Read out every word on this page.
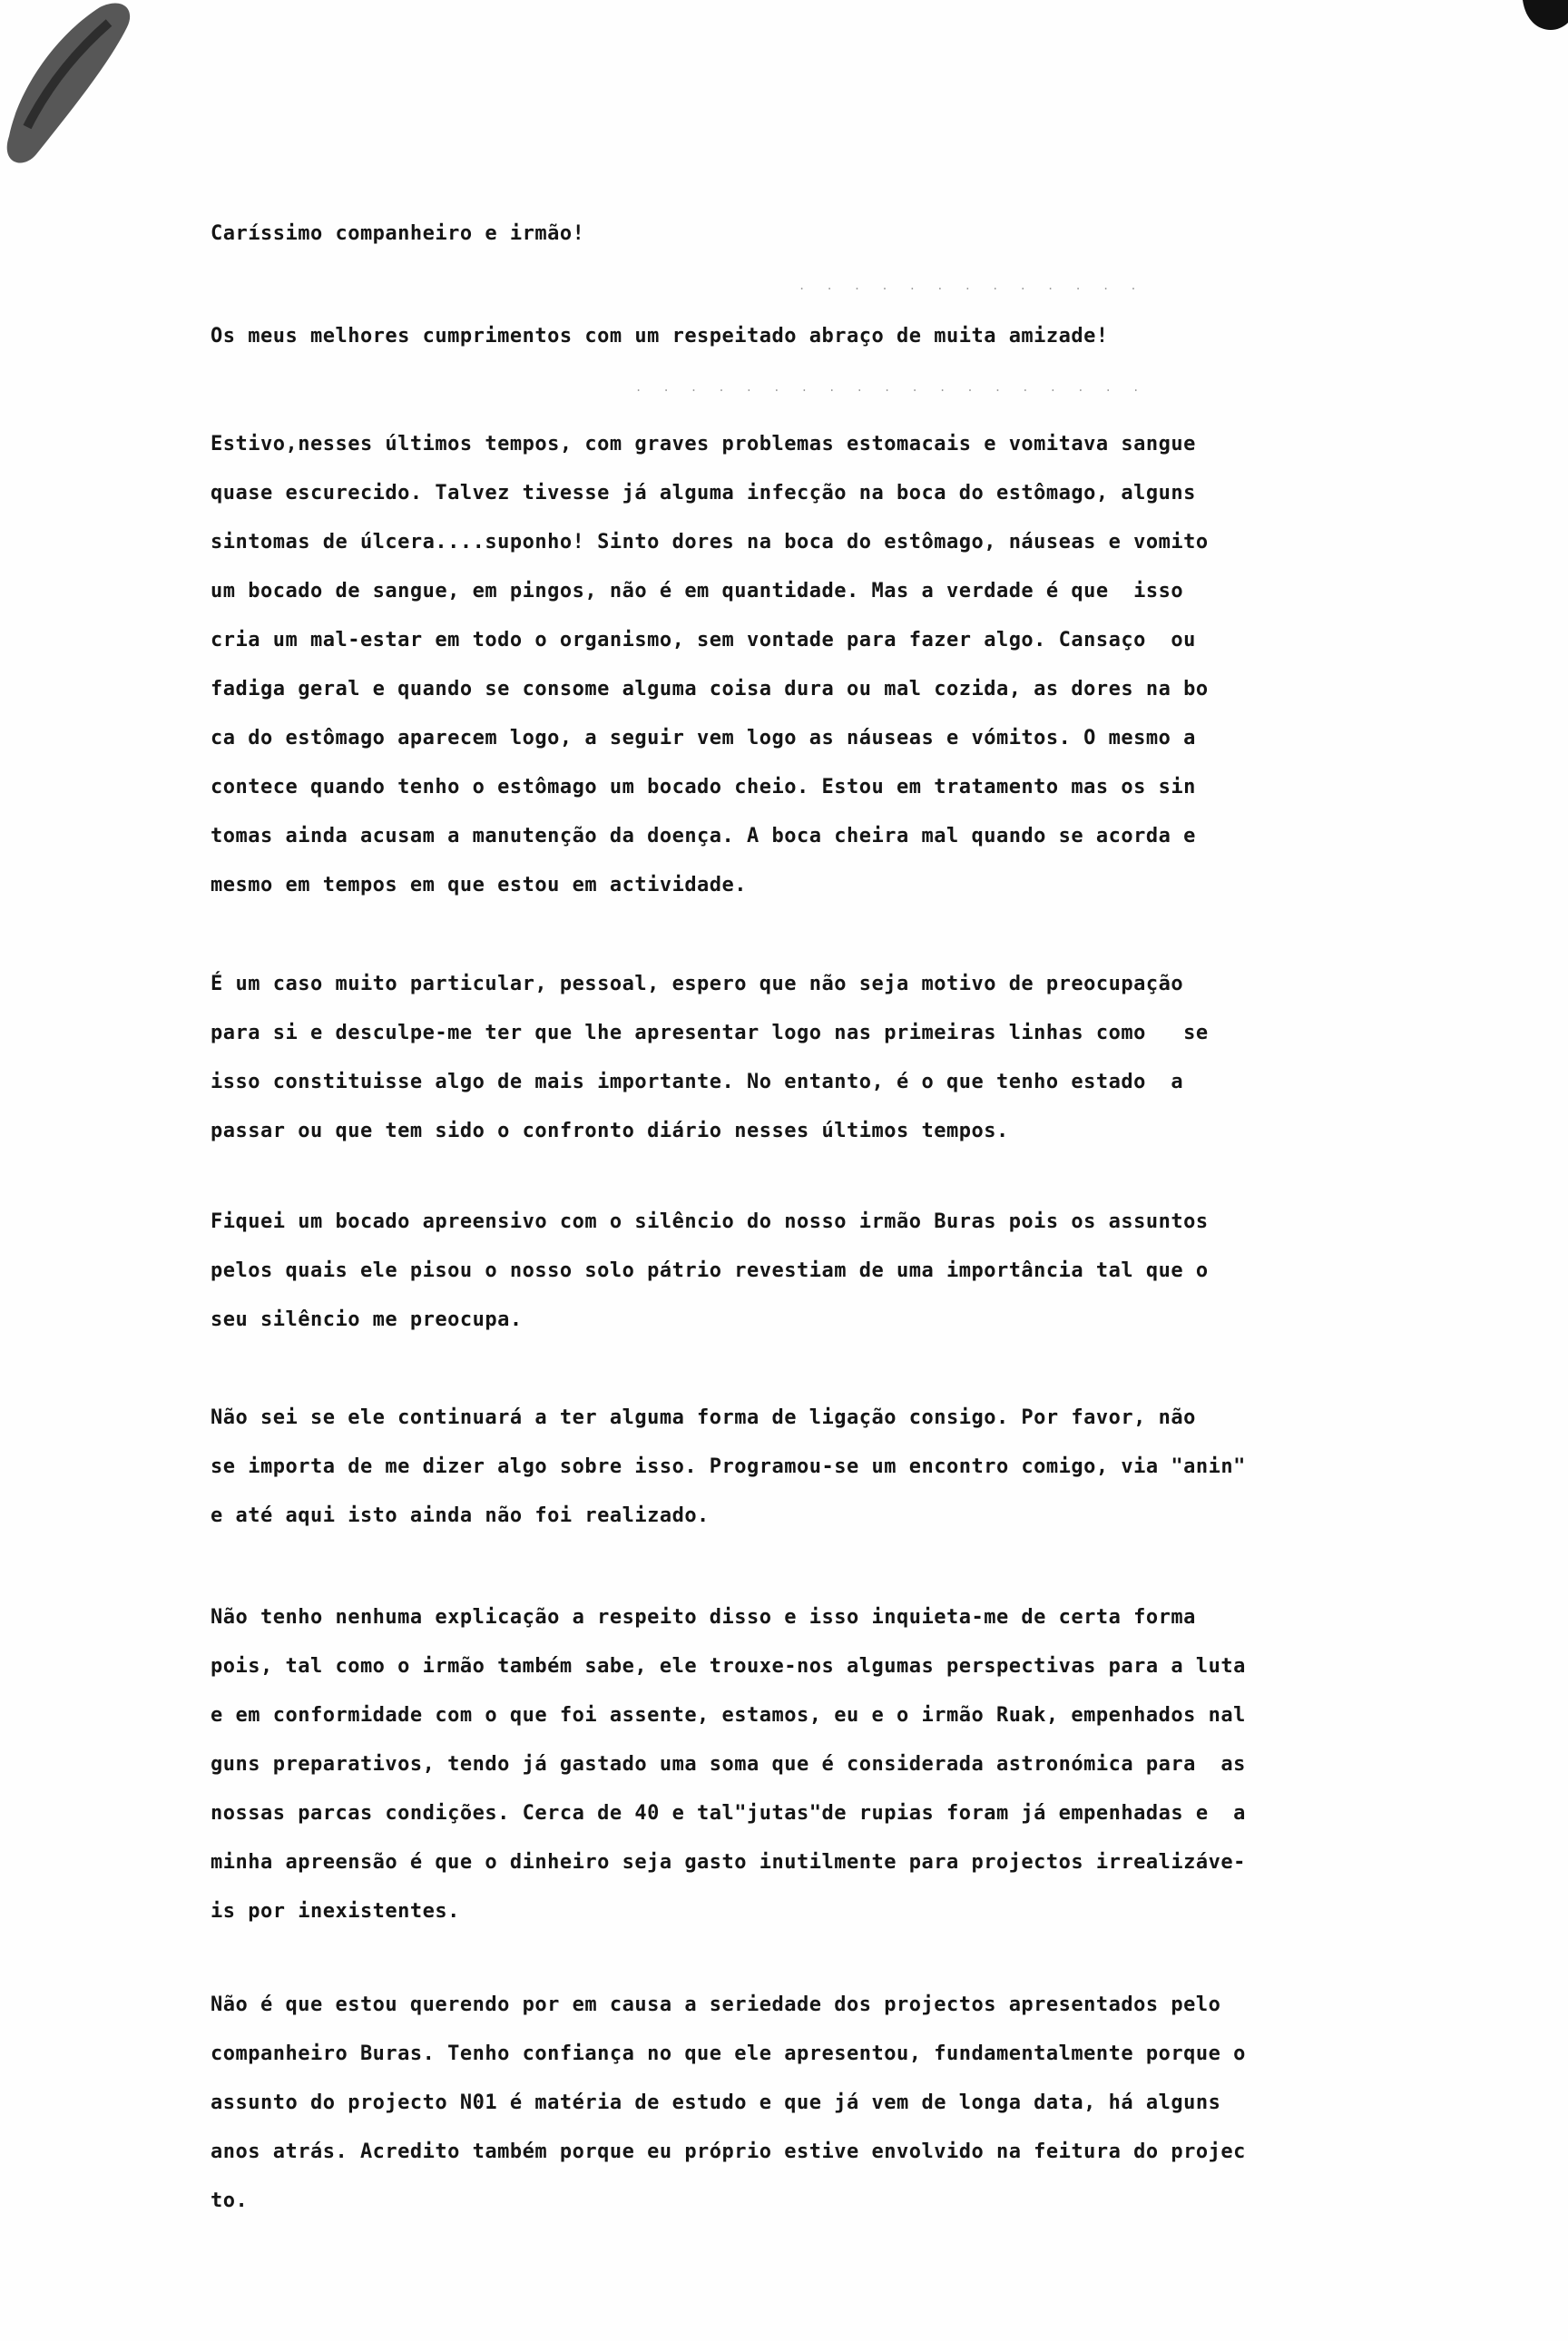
. . . . . . . . . . . . .
. . . . . . . . . . . . . . . . . . .

Caríssimo companheiro e irmão!

Os meus melhores cumprimentos com um respeitado abraço de muita amizade!

Estivo,nesses últimos tempos, com graves problemas estomacais e vomitava sangue
quase escurecido. Talvez tivesse já alguma infecção na boca do estômago, alguns
sintomas de úlcera....suponho! Sinto dores na boca do estômago, náuseas e vomito
um bocado de sangue, em pingos, não é em quantidade. Mas a verdade é que  isso
cria um mal-estar em todo o organismo, sem vontade para fazer algo. Cansaço  ou
fadiga geral e quando se consome alguma coisa dura ou mal cozida, as dores na bo
ca do estômago aparecem logo, a seguir vem logo as náuseas e vómitos. O mesmo a
contece quando tenho o estômago um bocado cheio. Estou em tratamento mas os sin
tomas ainda acusam a manutenção da doença. A boca cheira mal quando se acorda e
mesmo em tempos em que estou em actividade.

É um caso muito particular, pessoal, espero que não seja motivo de preocupação
para si e desculpe-me ter que lhe apresentar logo nas primeiras linhas como   se
isso constituisse algo de mais importante. No entanto, é o que tenho estado  a
passar ou que tem sido o confronto diário nesses últimos tempos.

Fiquei um bocado apreensivo com o silêncio do nosso irmão Buras pois os assuntos
pelos quais ele pisou o nosso solo pátrio revestiam de uma importância tal que o
seu silêncio me preocupa.

Não sei se ele continuará a ter alguma forma de ligação consigo. Por favor, não
se importa de me dizer algo sobre isso. Programou-se um encontro comigo, via "anin"
e até aqui isto ainda não foi realizado.

Não tenho nenhuma explicação a respeito disso e isso inquieta-me de certa forma
pois, tal como o irmão também sabe, ele trouxe-nos algumas perspectivas para a luta
e em conformidade com o que foi assente, estamos, eu e o irmão Ruak, empenhados nal
guns preparativos, tendo já gastado uma soma que é considerada astronómica para  as
nossas parcas condições. Cerca de 40 e tal"jutas"de rupias foram já empenhadas e  a
minha apreensão é que o dinheiro seja gasto inutilmente para projectos irrealizáve-
is por inexistentes.

Não é que estou querendo por em causa a seriedade dos projectos apresentados pelo
companheiro Buras. Tenho confiança no que ele apresentou, fundamentalmente porque o
assunto do projecto N01 é matéria de estudo e que já vem de longa data, há alguns
anos atrás. Acredito também porque eu próprio estive envolvido na feitura do projec
to.
